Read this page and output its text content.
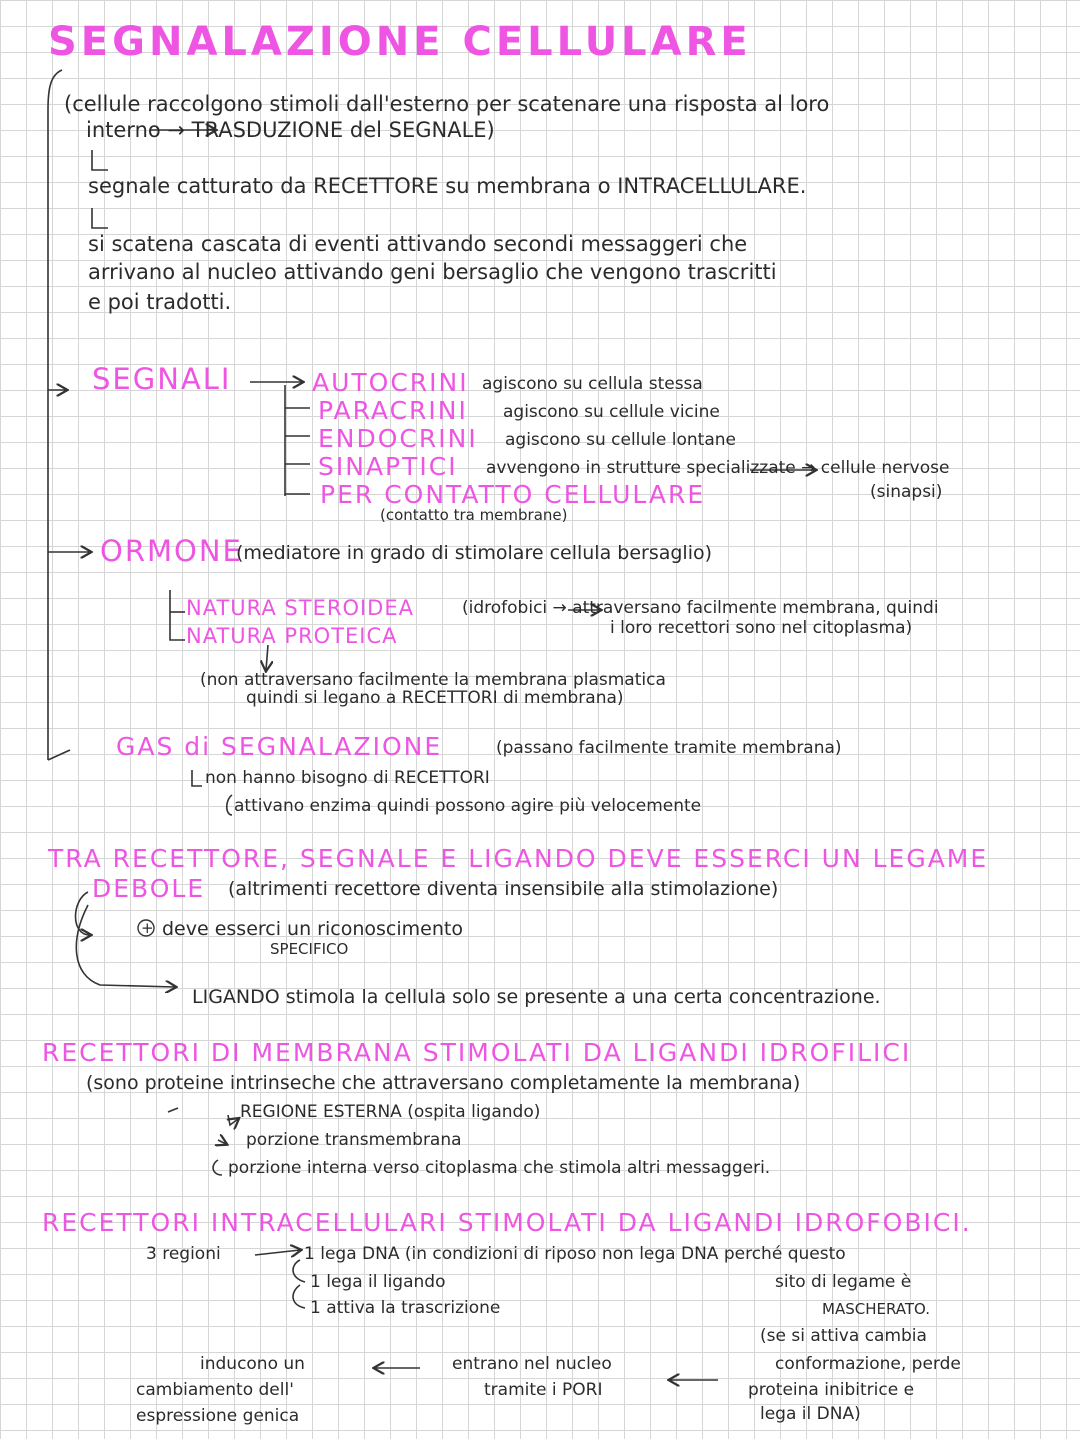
SEGNALAZIONE CELLULARE
(cellule raccolgono stimoli dall'esterno per scatenare una risposta al loro
interno → TRASDUZIONE del SEGNALE)
segnale catturato da RECETTORE su membrana o INTRACELLULARE.
si scatena cascata di eventi attivando secondi messaggeri che
arrivano al nucleo attivando geni bersaglio che vengono trascritti
e poi tradotti.
SEGNALI	AUTOCRINI agiscono su cellula stessa
PARACRINI agiscono su cellule vicine
ENDOCRINI agiscono su cellule lontane
SINAPTICI avvengono in strutture specializzate → cellule nervose
(sinapsi)
PER CONTATTO CELLULARE
(contatto tra membrane)
ORMONE
(mediatore in grado di stimolare cellula bersaglio)
NATURA STEROIDEA	(idrofobici → attraversano facilmente membrana, quindi
i loro recettori sono nel citoplasma)
NATURA PROTEICA
(non attraversano facilmente la membrana plasmatica
quindi si legano a RECETTORI di membrana)
GAS di SEGNALAZIONE	(passano facilmente tramite membrana)
non hanno bisogno di RECETTORI
attivano enzima quindi possono agire più velocemente
TRA RECETTORE, SEGNALE E LIGANDO DEVE ESSERCI UN LEGAME
DEBOLE (altrimenti recettore diventa insensibile alla stimolazione)
+ deve esserci un riconoscimento
SPECIFICO
LIGANDO stimola la cellula solo se presente a una certa concentrazione.
RECETTORI DI MEMBRANA STIMOLATI DA LIGANDI IDROFILICI
(sono proteine intrinseche che attraversano completamente la membrana)
REGIONE ESTERNA (ospita ligando)
porzione transmembrana
porzione interna verso citoplasma che stimola altri messaggeri.
RECETTORI INTRACELLULARI STIMOLATI DA LIGANDI IDROFOBICI.
3 regioni	1 lega DNA (in condizioni di riposo non lega DNA perché questo
1 lega il ligando
1 attiva la trascrizione
sito di legame è
MASCHERATO.
(se si attiva cambia
conformazione, perde
proteina inibitrice e
lega il DNA)
entrano nel nucleo
tramite i PORI
inducono un
cambiamento dell'
espressione genica
